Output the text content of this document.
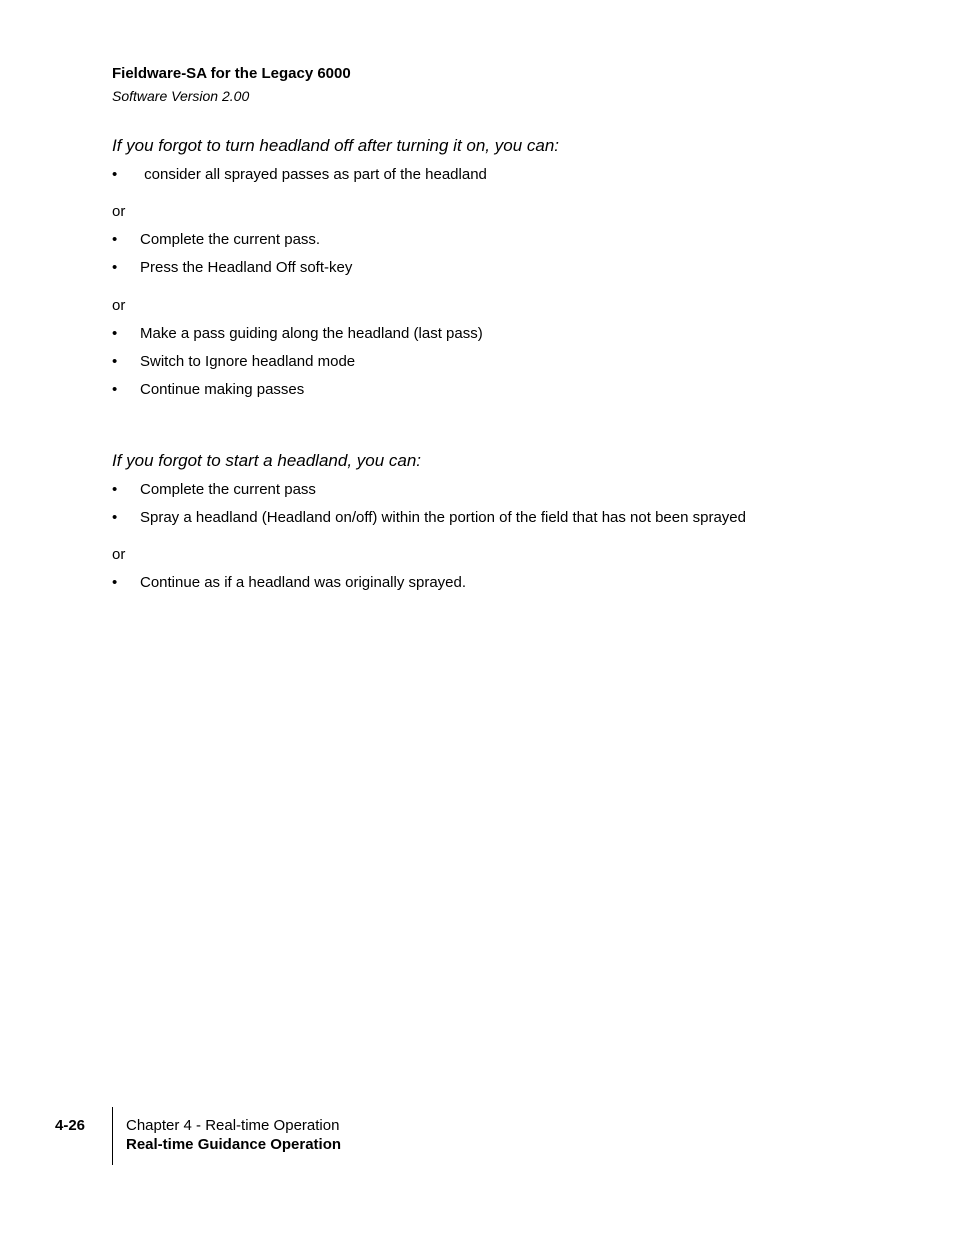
Fieldware-SA for the Legacy 6000
Software Version 2.00
If you forgot to turn headland off after turning it on, you can:
• consider all sprayed passes as part of the headland
or
• Complete the current pass.
• Press the Headland Off soft-key
or
• Make a pass guiding along the headland (last pass)
• Switch to Ignore headland mode
• Continue making passes
If you forgot to start a headland, you can:
• Complete the current pass
• Spray a headland (Headland on/off) within the portion of the field that has not been sprayed
or
• Continue as if a headland was originally sprayed.
4-26	Chapter 4 - Real-time Operation
Real-time Guidance Operation
